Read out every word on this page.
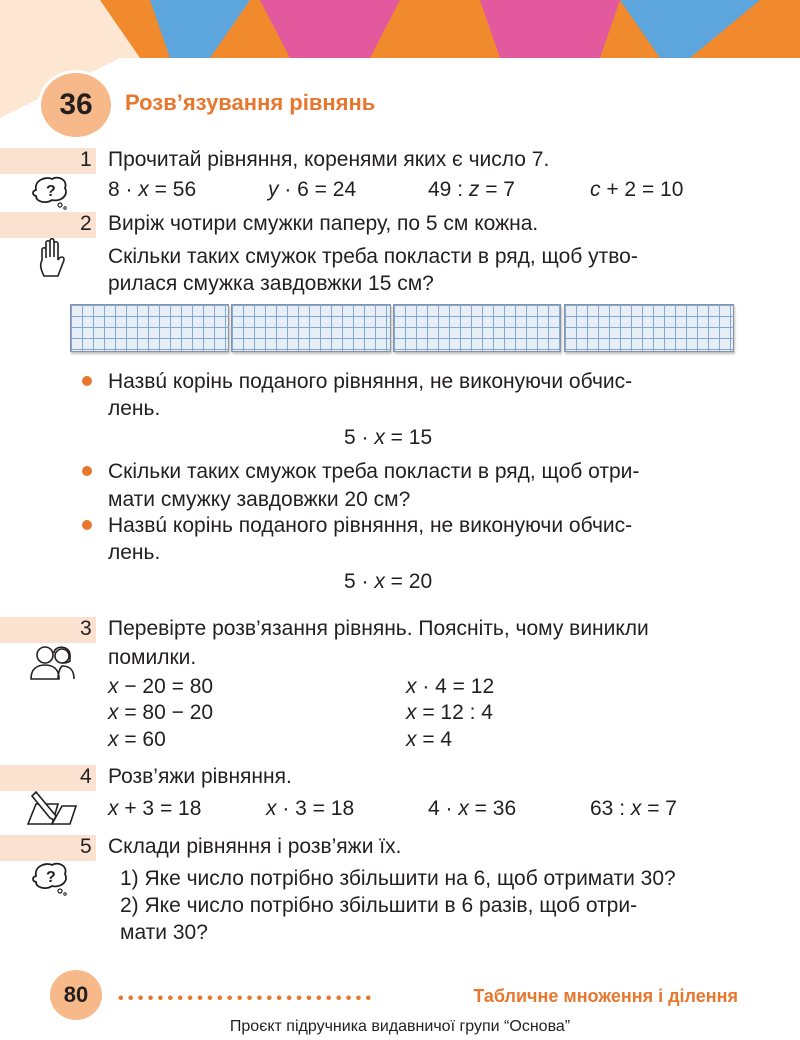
36	Розв’язування рівнянь
1 Прочитай рівняння, коренями яких є число 7.
? 8 · x = 56	y · 6 = 24	49 : z = 7	c + 2 = 10
2 Виріж чотири смужки паперу, по 5 см кожна.
Скільки таких смужок треба покласти в ряд, щоб утво-
рилася смужка завдовжки 15 см?
Назвú корінь поданого рівняння, не виконуючи обчис-
лень.
5 · x = 15
Скільки таких смужок треба покласти в ряд, щоб отри-
мати смужку завдовжки 20 см?
Назвú корінь поданого рівняння, не виконуючи обчис-
лень.
5 · x = 20
3 Перевірте розв’язання рівнянь. Поясніть, чому виникли
помилки.
x − 20 = 80
x = 80 − 20
x = 60
x · 4 = 12
x = 12 : 4
x = 4
4 Розв’яжи рівняння.
x + 3 = 18	x · 3 = 18	4 · x = 36	63 : x = 7
5 Склади рівняння і розв’яжи їх.
?	1) Яке число потрібно збільшити на 6, щоб отримати 30?
2) Яке число потрібно збільшити в 6 разів, щоб отри-
мати 30?
80	••••••••••••••••••••••••••	Табличне множення і ділення
Проєкт підручника видавничої групи “Основа”
